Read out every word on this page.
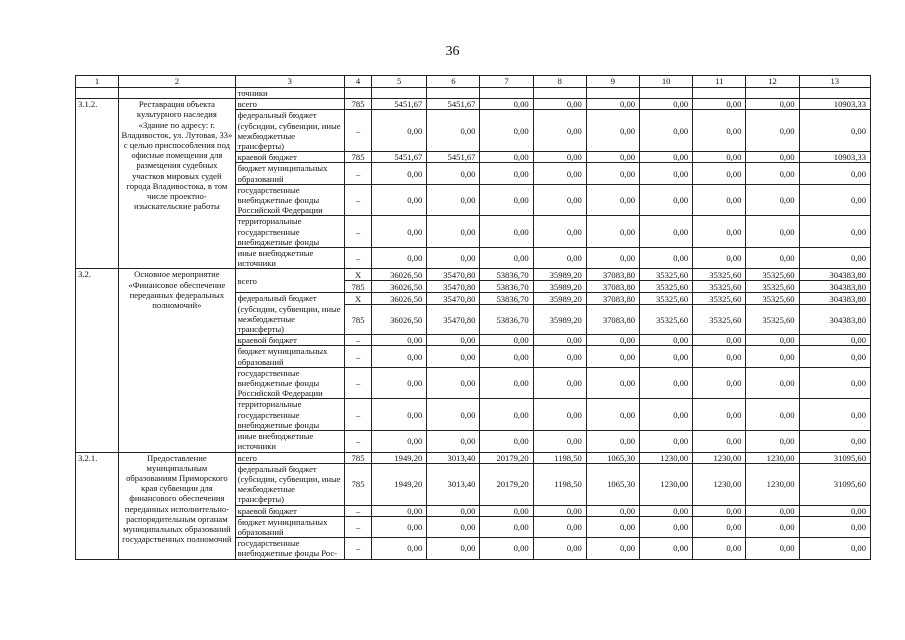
36
1	2	3	4	5	6	7	8	9	10	11	12	13
		точники										
3.1.2.	Реставрация объекта культурного наследия «Здание по адресу: г. Владивосток, ул. Лутовая, 33» с целью приспособления под офисные помещения для размещения судебных участков мировых судей города Владивостока, в том числе проектно-изыскательские работы	всего	785	5451,67	5451,67	0,00	0,00	0,00	0,00	0,00	0,00	10903,33
		федеральный бюджет (субсидии, субвенции, иные межбюджетные трансферты)	–	0,00	0,00	0,00	0,00	0,00	0,00	0,00	0,00	0,00
		краевой бюджет	785	5451,67	5451,67	0,00	0,00	0,00	0,00	0,00	0,00	10903,33
		бюджет муниципальных образований	–	0,00	0,00	0,00	0,00	0,00	0,00	0,00	0,00	0,00
		государственные внебюджетные фонды Российской Федерации	–	0,00	0,00	0,00	0,00	0,00	0,00	0,00	0,00	0,00
		территориальные государственные внебюджетные фонды	–	0,00	0,00	0,00	0,00	0,00	0,00	0,00	0,00	0,00
		иные внебюджетные источники	–	0,00	0,00	0,00	0,00	0,00	0,00	0,00	0,00	0,00
3.2.	Основное мероприятие «Финансовое обеспечение переданных федеральных полномочий»	всего	X	36026,50	35470,80	53836,70	35989,20	37083,80	35325,60	35325,60	35325,60	304383,80
			785	36026,50	35470,80	53836,70	35989,20	37083,80	35325,60	35325,60	35325,60	304383,80
		федеральный бюджет (субсидии, субвенции, иные межбюджетные трансферты)	X	36026,50	35470,80	53836,70	35989,20	37083,80	35325,60	35325,60	35325,60	304383,80
			785	36026,50	35470,80	53836,70	35989,20	37083,80	35325,60	35325,60	35325,60	304383,80
		краевой бюджет	–	0,00	0,00	0,00	0,00	0,00	0,00	0,00	0,00	0,00
		бюджет муниципальных образований	–	0,00	0,00	0,00	0,00	0,00	0,00	0,00	0,00	0,00
		государственные внебюджетные фонды Российской Федерации	–	0,00	0,00	0,00	0,00	0,00	0,00	0,00	0,00	0,00
		территориальные государственные внебюджетные фонды	–	0,00	0,00	0,00	0,00	0,00	0,00	0,00	0,00	0,00
		иные внебюджетные источники	–	0,00	0,00	0,00	0,00	0,00	0,00	0,00	0,00	0,00
3.2.1.	Предоставление муниципальным образованиям Приморского края субвенции для финансового обеспечения переданных исполнительно-распорядительным органам муниципальных образований государственных полномочий	всего	785	1949,20	3013,40	20179,20	1198,50	1065,30	1230,00	1230,00	1230,00	31095,60
		федеральный бюджет (субсидии, субвенции, иные межбюджетные трансферты)	785	1949,20	3013,40	20179,20	1198,50	1065,30	1230,00	1230,00	1230,00	31095,60
		краевой бюджет	–	0,00	0,00	0,00	0,00	0,00	0,00	0,00	0,00	0,00
		бюджет муниципальных образований	–	0,00	0,00	0,00	0,00	0,00	0,00	0,00	0,00	0,00
		государственные внебюджетные фонды Рос-	–	0,00	0,00	0,00	0,00	0,00	0,00	0,00	0,00	0,00
